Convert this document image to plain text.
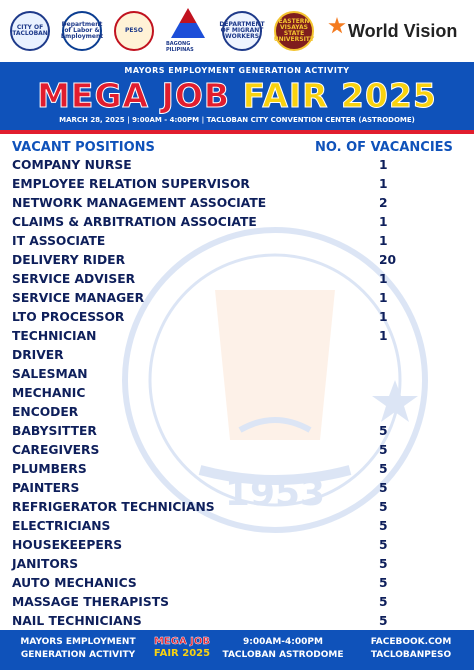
CITY OF TACLOBAN
Department of Labor & Employment
PESO
BAGONG PILIPINAS
DEPARTMENT OF MIGRANT WORKERS
EASTERN VISAYAS STATE UNIVERSITY World Vision
MAYORS EMPLOYMENT GENERATION ACTIVITY
MEGA JOB FAIR 2025
MARCH 28, 2025 | 9:00AM - 4:00PM | TACLOBAN CITY CONVENTION CENTER (ASTRODOME)
1953
VACANT POSITIONS	NO. OF VACANCIES
COMPANY NURSE	1
EMPLOYEE RELATION SUPERVISOR	1
NETWORK MANAGEMENT ASSOCIATE	2
CLAIMS & ARBITRATION ASSOCIATE	1
IT ASSOCIATE	1
DELIVERY RIDER	20
SERVICE ADVISER	1
SERVICE MANAGER	1
LTO PROCESSOR	1
TECHNICIAN	1
DRIVER
SALESMAN
MECHANIC
ENCODER
BABYSITTER	5
CAREGIVERS	5
PLUMBERS	5
PAINTERS	5
REFRIGERATOR TECHNICIANS	5
ELECTRICIANS	5
HOUSEKEEPERS	5
JANITORS	5
AUTO MECHANICS	5
MASSAGE THERAPISTS	5
NAIL TECHNICIANS	5
MAYORS EMPLOYMENT
GENERATION ACTIVITY
MEGA JOB
FAIR 2025
9:00AM-4:00PM
TACLOBAN ASTRODOME
FACEBOOK.COM
TACLOBANPESO
